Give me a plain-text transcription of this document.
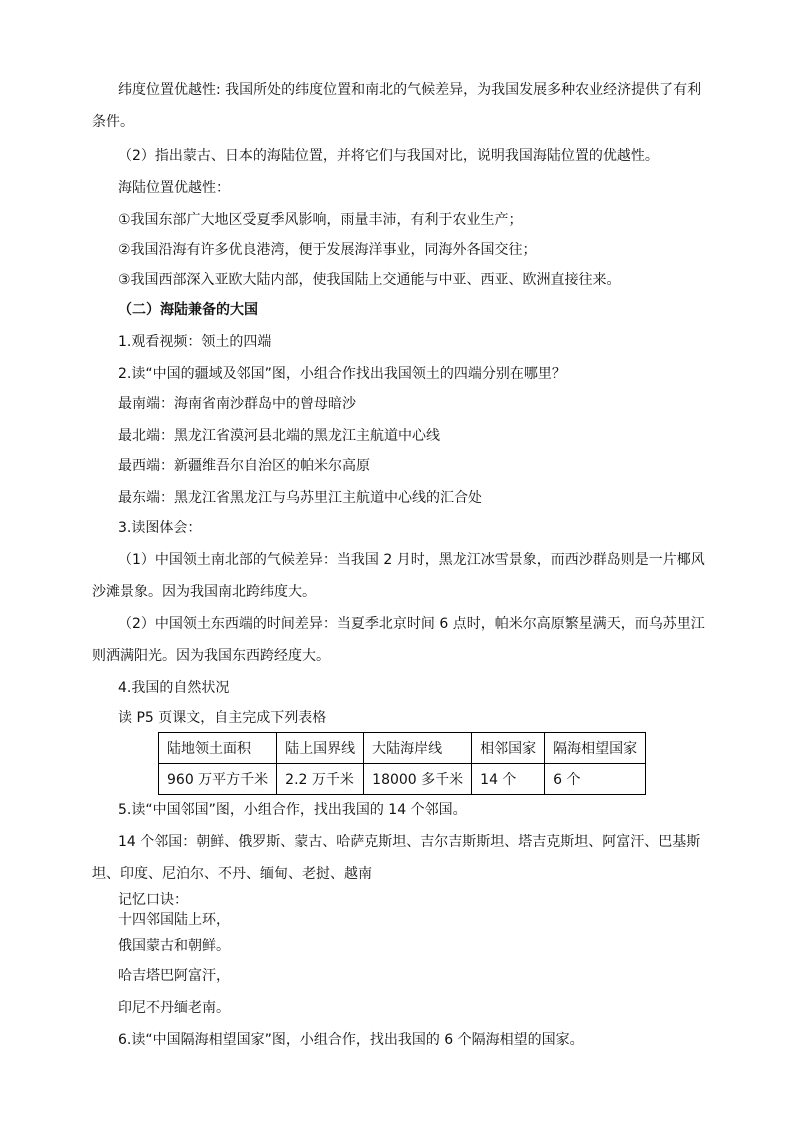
纬度位置优越性: 我国所处的纬度位置和南北的气候差异，为我国发展多种农业经济提供了有利
条件。
（2）指出蒙古、日本的海陆位置，并将它们与我国对比，说明我国海陆位置的优越性。
海陆位置优越性：
①我国东部广大地区受夏季风影响，雨量丰沛，有利于农业生产；
②我国沿海有许多优良港湾，便于发展海洋事业，同海外各国交往；
③我国西部深入亚欧大陆内部，使我国陆上交通能与中亚、西亚、欧洲直接往来。
（二）海陆兼备的大国
1.观看视频：领土的四端
2.读“中国的疆域及邻国”图，小组合作找出我国领土的四端分别在哪里？
最南端：海南省南沙群岛中的曾母暗沙
最北端：黑龙江省漠河县北端的黑龙江主航道中心线
最西端：新疆维吾尔自治区的帕米尔高原
最东端：黑龙江省黑龙江与乌苏里江主航道中心线的汇合处
3.读图体会：
（1）中国领土南北部的气候差异：当我国 2 月时，黑龙江冰雪景象，而西沙群岛则是一片椰风
沙滩景象。因为我国南北跨纬度大。
（2）中国领土东西端的时间差异：当夏季北京时间 6 点时，帕米尔高原繁星满天，而乌苏里江
则洒满阳光。因为我国东西跨经度大。
4.我国的自然状况
读 P5 页课文，自主完成下列表格
陆地领土面积	陆上国界线	大陆海岸线	相邻国家	隔海相望国家
960 万平方千米	2.2 万千米	18000 多千米	14 个	6 个
5.读“中国邻国”图，小组合作，找出我国的 14 个邻国。
14 个邻国：朝鲜、俄罗斯、蒙古、哈萨克斯坦、吉尔吉斯斯坦、塔吉克斯坦、阿富汗、巴基斯
坦、印度、尼泊尔、不丹、缅甸、老挝、越南
记忆口诀：
十四邻国陆上环，
俄国蒙古和朝鲜。
哈吉塔巴阿富汗，
印尼不丹缅老南。
6.读“中国隔海相望国家”图，小组合作，找出我国的 6 个隔海相望的国家。
